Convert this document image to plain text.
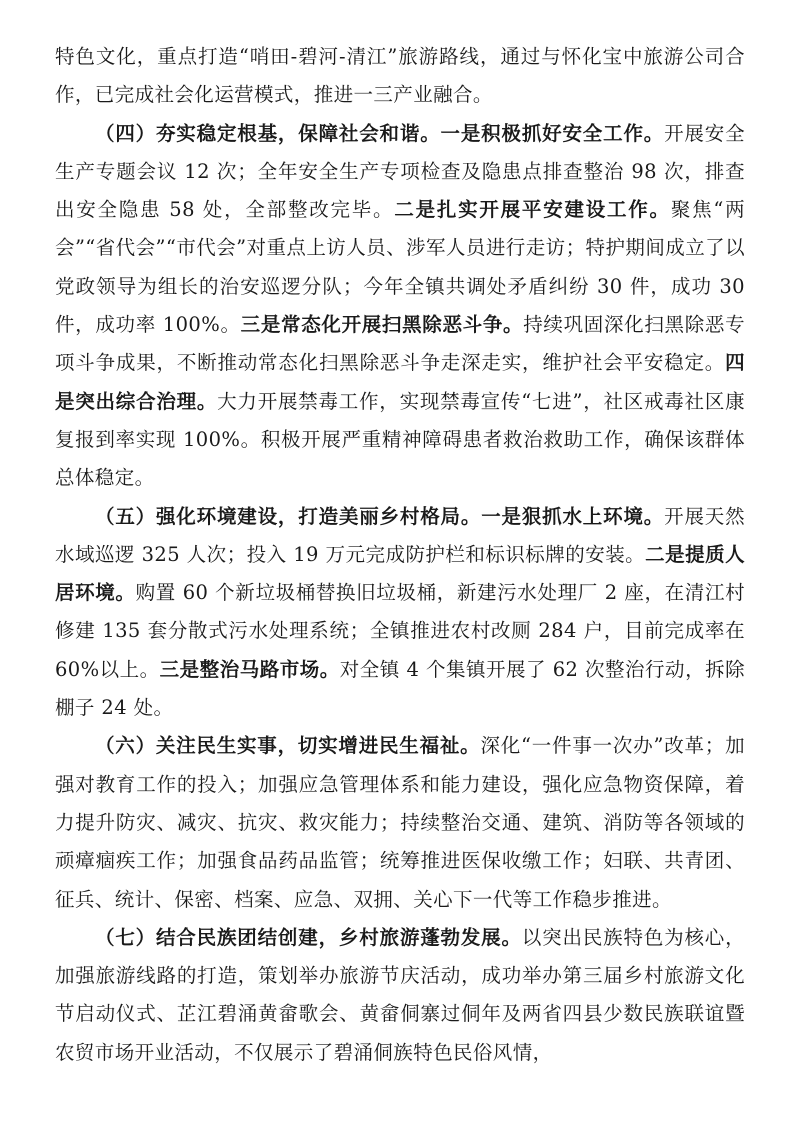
特色文化，重点打造“哨田-碧河-清江”旅游路线，通过与怀化宝中旅游公司合作，已完成社会化运营模式，推进一三产业融合。

（四）夯实稳定根基，保障社会和谐。一是积极抓好安全工作。开展安全生产专题会议 12 次；全年安全生产专项检查及隐患点排查整治 98 次，排查出安全隐患 58 处，全部整改完毕。二是扎实开展平安建设工作。聚焦“两会”“省代会”“市代会”对重点上访人员、涉军人员进行走访；特护期间成立了以党政领导为组长的治安巡逻分队；今年全镇共调处矛盾纠纷 30 件，成功 30 件，成功率 100%。三是常态化开展扫黑除恶斗争。持续巩固深化扫黑除恶专项斗争成果，不断推动常态化扫黑除恶斗争走深走实，维护社会平安稳定。四是突出综合治理。大力开展禁毒工作，实现禁毒宣传“七进”，社区戒毒社区康复报到率实现 100%。积极开展严重精神障碍患者救治救助工作，确保该群体总体稳定。

（五）强化环境建设，打造美丽乡村格局。一是狠抓水上环境。开展天然水域巡逻 325 人次；投入 19 万元完成防护栏和标识标牌的安装。二是提质人居环境。购置 60 个新垃圾桶替换旧垃圾桶，新建污水处理厂 2 座，在清江村修建 135 套分散式污水处理系统；全镇推进农村改厕 284 户，目前完成率在 60%以上。三是整治马路市场。对全镇 4 个集镇开展了 62 次整治行动，拆除棚子 24 处。

（六）关注民生实事，切实增进民生福祉。深化“一件事一次办”改革；加强对教育工作的投入；加强应急管理体系和能力建设，强化应急物资保障，着力提升防灾、减灾、抗灾、救灾能力；持续整治交通、建筑、消防等各领域的顽瘴痼疾工作；加强食品药品监管；统筹推进医保收缴工作；妇联、共青团、征兵、统计、保密、档案、应急、双拥、关心下一代等工作稳步推进。

（七）结合民族团结创建，乡村旅游蓬勃发展。以突出民族特色为核心，加强旅游线路的打造，策划举办旅游节庆活动，成功举办第三届乡村旅游文化节启动仪式、芷江碧涌黄畲歌会、黄畲侗寨过侗年及两省四县少数民族联谊暨农贸市场开业活动，不仅展示了碧涌侗族特色民俗风情，
